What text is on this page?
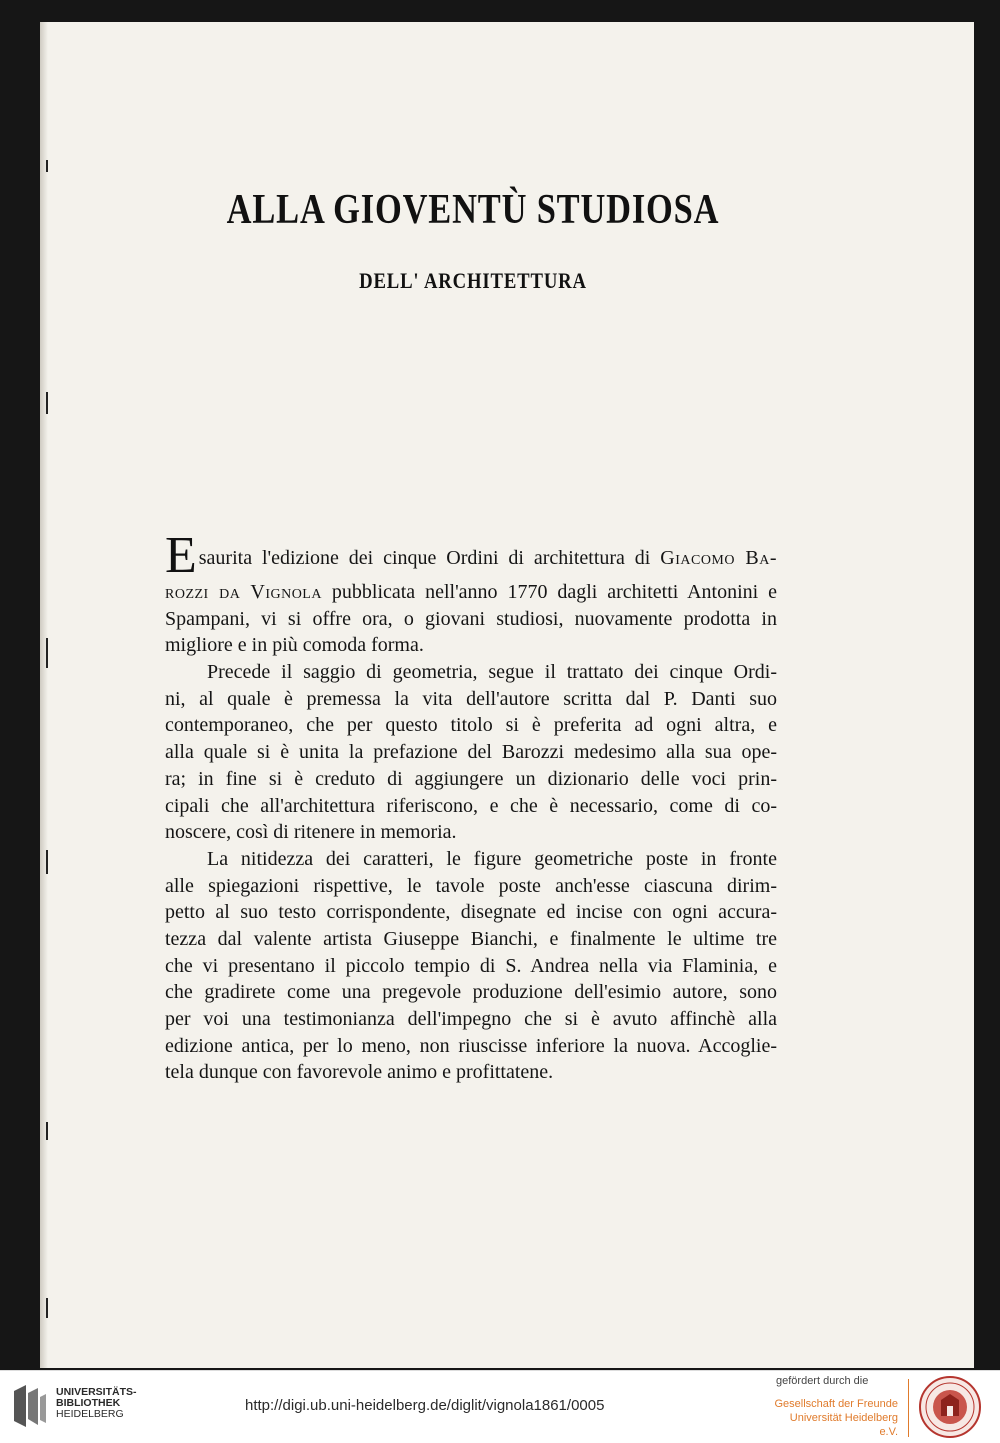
ALLA GIOVENTÙ STUDIOSA
DELL' ARCHITETTURA
E saurita l'edizione dei cinque Ordini di architettura di Giacomo Ba-
rozzi da Vignola pubblicata nell'anno 1770 dagli architetti Antonini e
Spampani, vi si offre ora, o giovani studiosi, nuovamente prodotta in
migliore e in più comoda forma.
Precede il saggio di geometria, segue il trattato dei cinque Ordi-
ni, al quale è premessa la vita dell'autore scritta dal P. Danti suo
contemporaneo, che per questo titolo si è preferita ad ogni altra, e
alla quale si è unita la prefazione del Barozzi medesimo alla sua ope-
ra; in fine si è creduto di aggiungere un dizionario delle voci prin-
cipali che all'architettura riferiscono, e che è necessario, come di co-
noscere, così di ritenere in memoria.
La nitidezza dei caratteri, le figure geometriche poste in fronte
alle spiegazioni rispettive, le tavole poste anch'esse ciascuna dirim-
petto al suo testo corrispondente, disegnate ed incise con ogni accura-
tezza dal valente artista Giuseppe Bianchi, e finalmente le ultime tre
che vi presentano il piccolo tempio di S. Andrea nella via Flaminia, e
che gradirete come una pregevole produzione dell'esimio autore, sono
per voi una testimonianza dell'impegno che si è avuto affinchè alla
edizione antica, per lo meno, non riuscisse inferiore la nuova. Accoglie-
tela dunque con favorevole animo e profittatene.
UNIVERSITÄTS-
BIBLIOTHEK
HEIDELBERG	http://digi.ub.uni-heidelberg.de/diglit/vignola1861/0005
gefördert durch die
Gesellschaft der Freunde
Universität Heidelberg e.V.
